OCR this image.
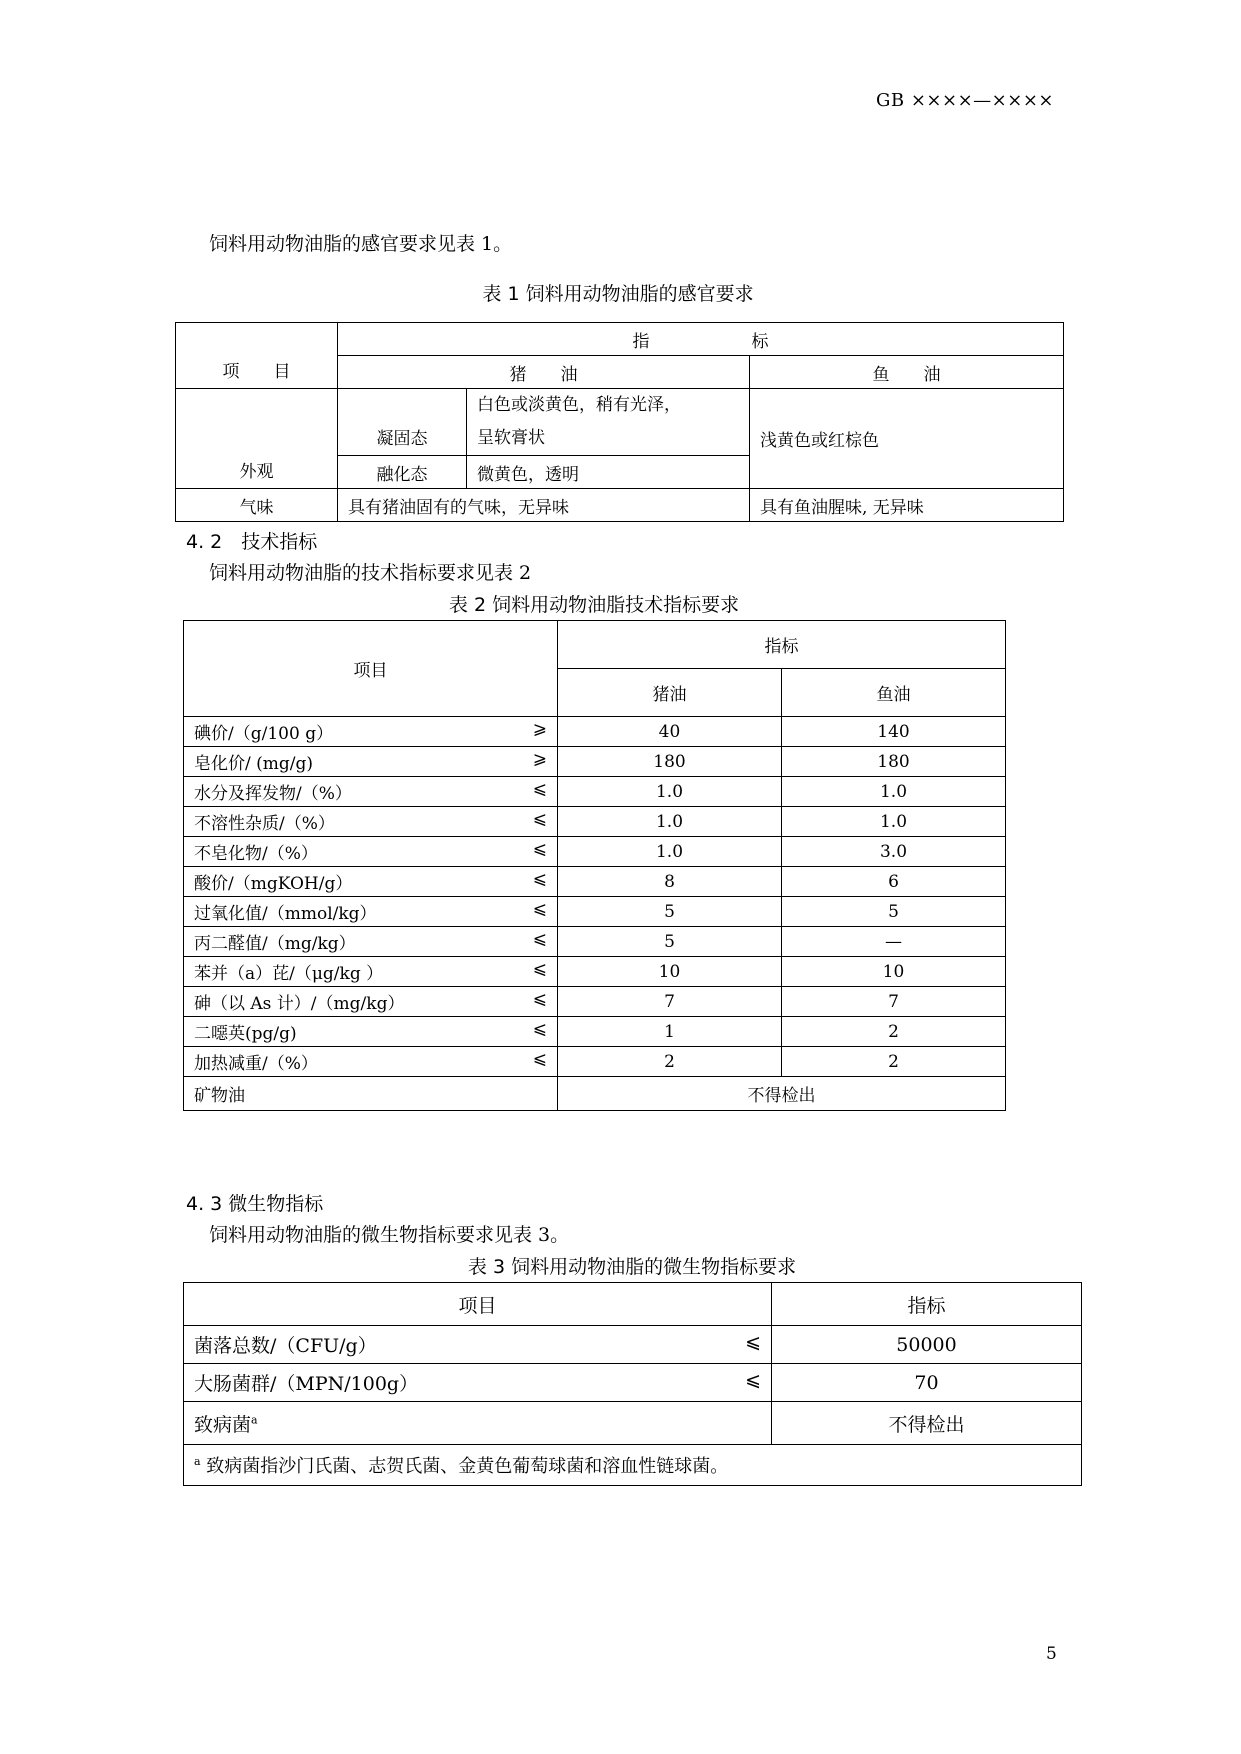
GB ××××—××××
饲料用动物油脂的感官要求见表 1。
表 1 饲料用动物油脂的感官要求
项　　目	指　　　　　　标		
	猪　　油		鱼　　油
外观	凝固态	白色或淡黄色，稍有光泽，
呈软膏状	浅黄色或红棕色
	融化态	微黄色，透明	
气味	具有猪油固有的气味，无异味		具有鱼油腥味, 无异味
4. 2　技术指标
饲料用动物油脂的技术指标要求见表 2
表 2 饲料用动物油脂技术指标要求
项目	指标	
	猪油	鱼油
碘价/（g/100 g） ⩾	40	140
皂化价/ (mg/g) ⩾	180	180
水分及挥发物/（%） ⩽	1.0	1.0
不溶性杂质/（%） ⩽	1.0	1.0
不皂化物/（%） ⩽	1.0	3.0
酸价/（mgKOH/g） ⩽	8	6
过氧化值/（mmol/kg） ⩽	5	5
丙二醛值/（mg/kg） ⩽	5	—
苯并（a）芘/（μg/kg ） ⩽	10	10
砷（以 As 计）/（mg/kg） ⩽	7	7
二噁英(pg/g) ⩽	1	2
加热减重/（%） ⩽	2	2
矿物油	不得检出	
4. 3 微生物指标
饲料用动物油脂的微生物指标要求见表 3。
表 3 饲料用动物油脂的微生物指标要求
项目	指标
菌落总数/（CFU/g） ⩽	50000
大肠菌群/（MPN/100g） ⩽	70
致病菌$^a$	不得检出
$^a$ 致病菌指沙门氏菌、志贺氏菌、金黄色葡萄球菌和溶血性链球菌。	
5
